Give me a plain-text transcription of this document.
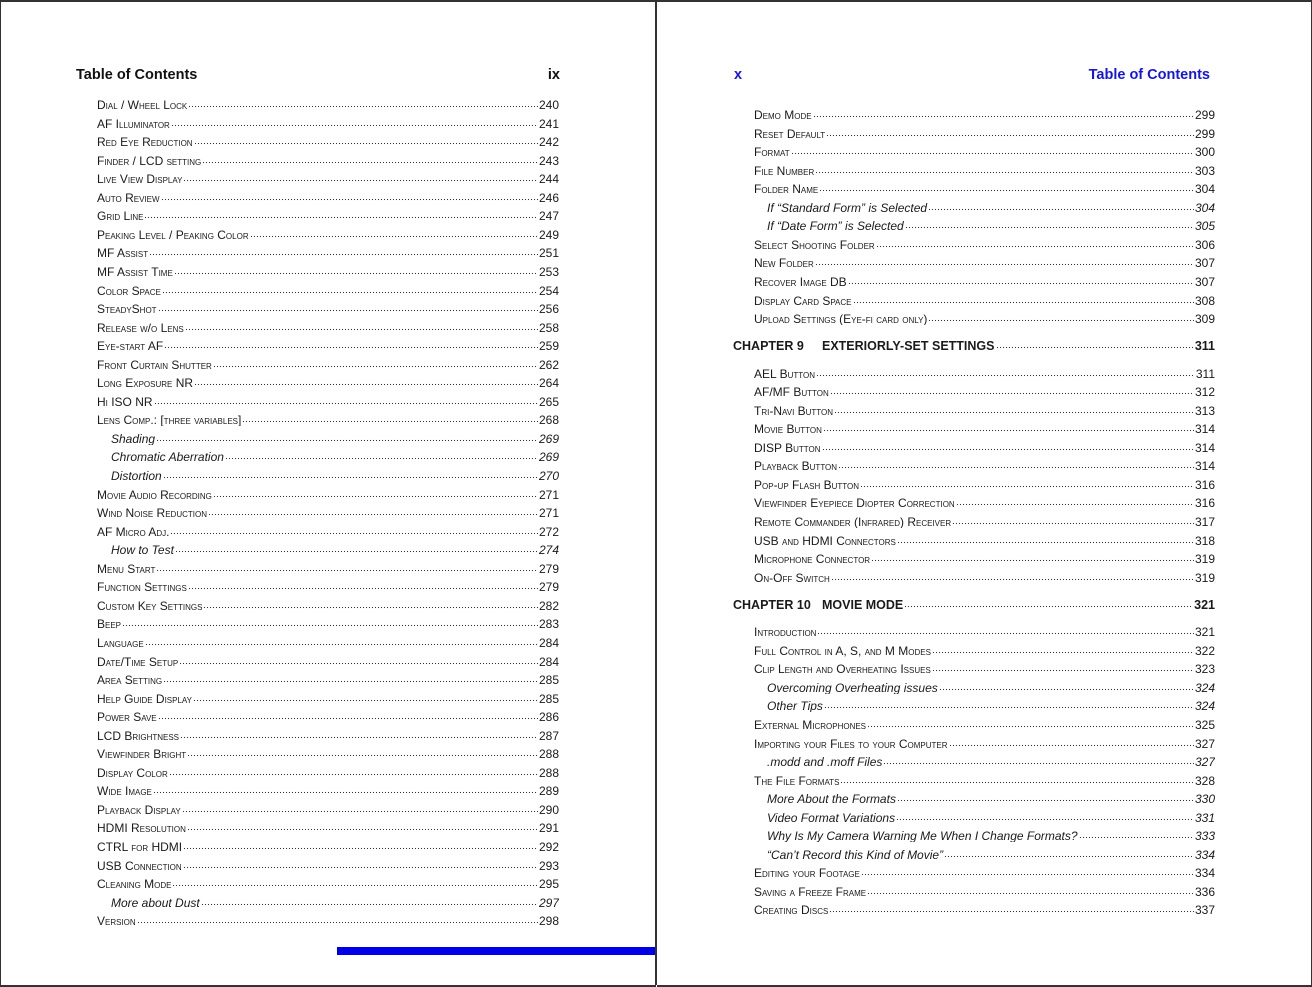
Table of Contents	ix
Dial / Wheel Lock	240
AF Illuminator	241
Red Eye Reduction	242
Finder / LCD setting	243
Live View Display	244
Auto Review	246
Grid Line	247
Peaking Level / Peaking Color	249
MF Assist	251
MF Assist Time	253
Color Space	254
SteadyShot	256
Release w/o Lens	258
Eye-start AF	259
Front Curtain Shutter	262
Long Exposure NR	264
Hi ISO NR	265
Lens Comp.: [three variables]	268
Shading	269
Chromatic Aberration	269
Distortion	270
Movie Audio Recording	271
Wind Noise Reduction	271
AF Micro Adj.	272
How to Test	274
Menu Start	279
Function Settings	279
Custom Key Settings	282
Beep	283
Language	284
Date/Time Setup	284
Area Setting	285
Help Guide Display	285
Power Save	286
LCD Brightness	287
Viewfinder Bright	288
Display Color	288
Wide Image	289
Playback Display	290
HDMI Resolution	291
CTRL for HDMI	292
USB Connection	293
Cleaning Mode	295
More about Dust	297
Version	298
x	Table of Contents
Demo Mode	299
Reset Default	299
Format	300
File Number	303
Folder Name	304
If “Standard Form” is Selected	304
If “Date Form” is Selected	305
Select Shooting Folder	306
New Folder	307
Recover Image DB	307
Display Card Space	308
Upload Settings (Eye-fi card only)	309
CHAPTER 9 EXTERIORLY-SET SETTINGS	311
AEL Button	311
AF/MF Button	312
Tri-Navi Button	313
Movie Button	314
DISP Button	314
Playback Button	314
Pop-up Flash Button	316
Viewfinder Eyepiece Diopter Correction	316
Remote Commander (Infrared) Receiver	317
USB and HDMI Connectors	318
Microphone Connector	319
On-Off Switch	319
CHAPTER 10 MOVIE MODE	321
Introduction	321
Full Control in A, S, and M Modes	322
Clip Length and Overheating Issues	323
Overcoming Overheating issues	324
Other Tips	324
External Microphones	325
Importing your Files to your Computer	327
.modd and .moff Files	327
The File Formats	328
More About the Formats	330
Video Format Variations	331
Why Is My Camera Warning Me When I Change Formats?	333
“Can’t Record this Kind of Movie”	334
Editing your Footage	334
Saving a Freeze Frame	336
Creating Discs	337
